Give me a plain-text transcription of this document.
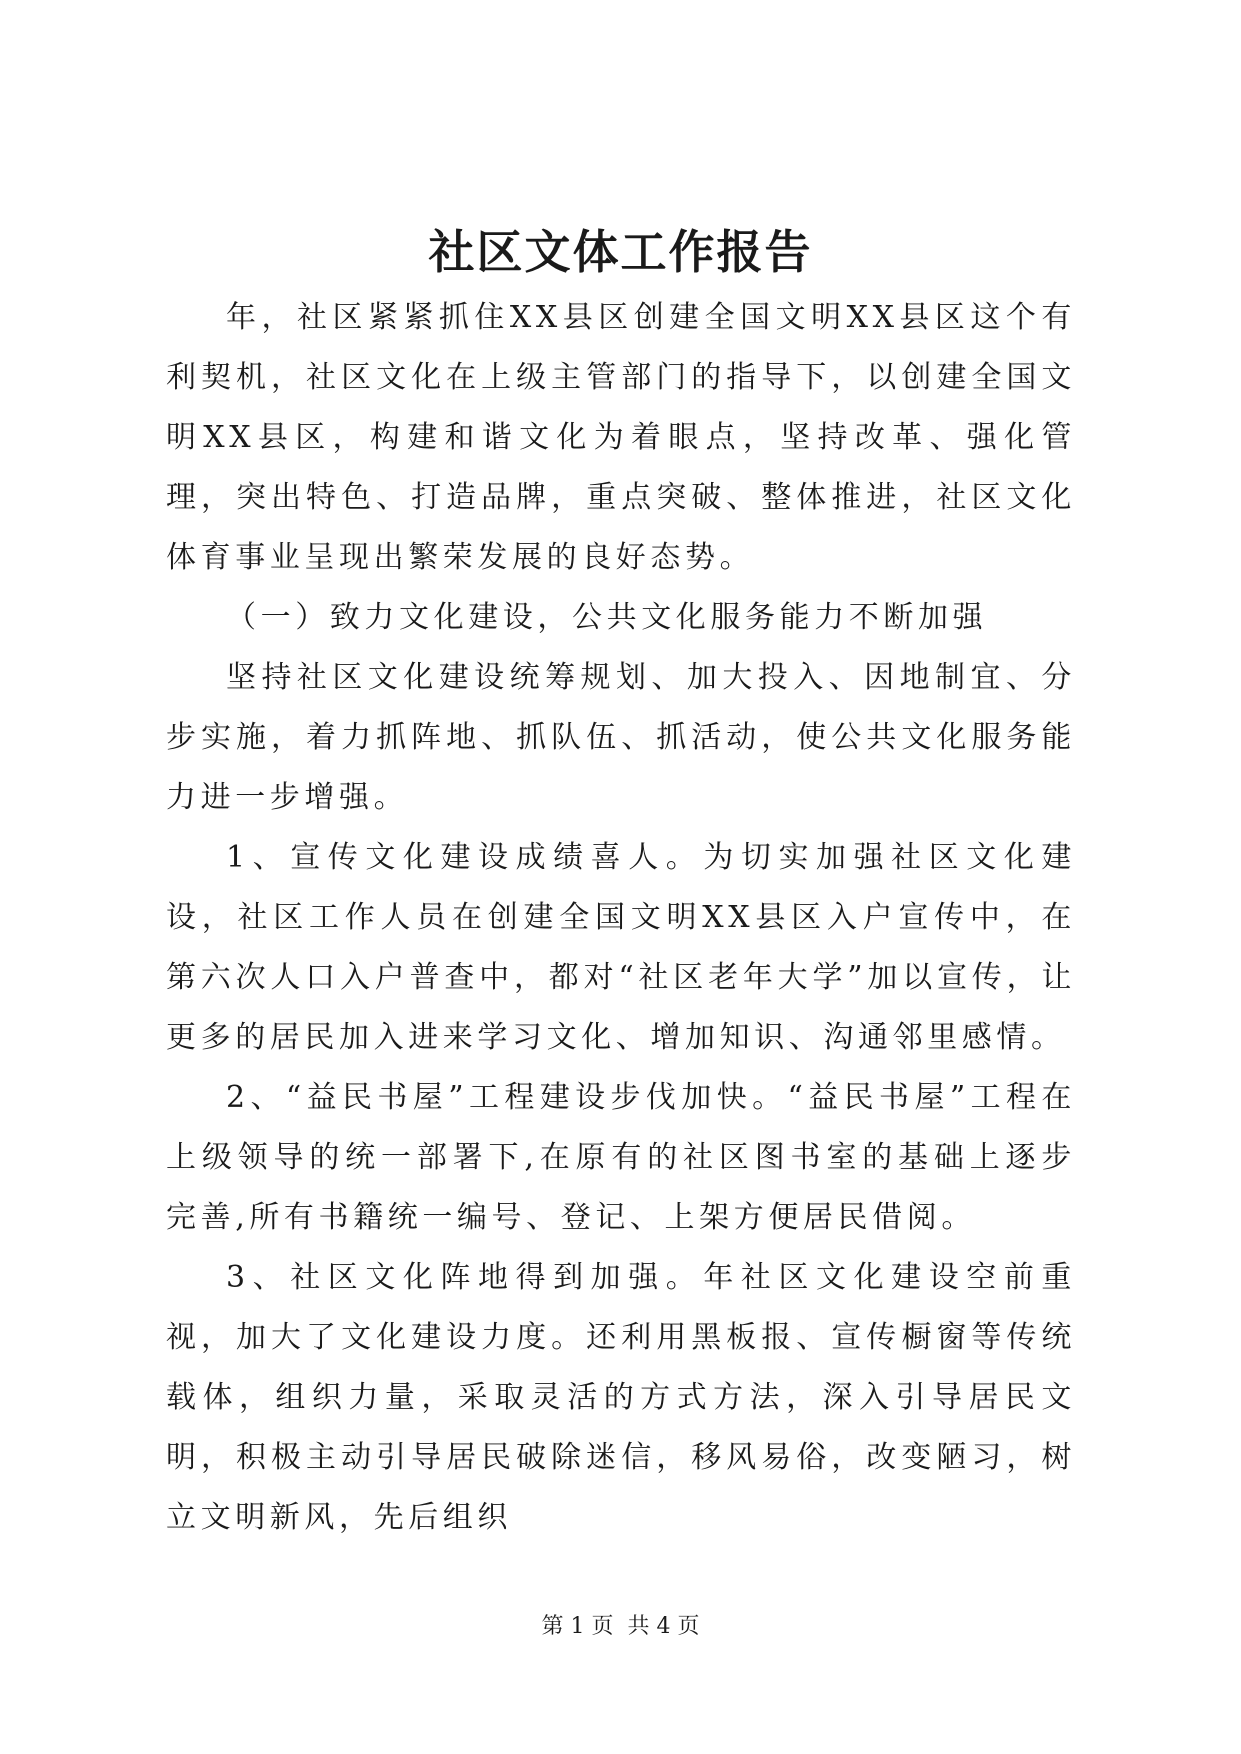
社区文体工作报告

年，社区紧紧抓住XX县区创建全国文明XX县区这个有利契机，社区文化在上级主管部门的指导下，以创建全国文明XX县区，构建和谐文化为着眼点，坚持改革、强化管理，突出特色、打造品牌，重点突破、整体推进，社区文化体育事业呈现出繁荣发展的良好态势。

（一）致力文化建设，公共文化服务能力不断加强

坚持社区文化建设统筹规划、加大投入、因地制宜、分步实施，着力抓阵地、抓队伍、抓活动，使公共文化服务能力进一步增强。

1、宣传文化建设成绩喜人。为切实加强社区文化建设，社区工作人员在创建全国文明XX县区入户宣传中，在第六次人口入户普查中，都对“社区老年大学”加以宣传，让更多的居民加入进来学习文化、增加知识、沟通邻里感情。

2、“益民书屋”工程建设步伐加快。“益民书屋”工程在上级领导的统一部署下,在原有的社区图书室的基础上逐步完善,所有书籍统一编号、登记、上架方便居民借阅。

3、社区文化阵地得到加强。年社区文化建设空前重视，加大了文化建设力度。还利用黑板报、宣传橱窗等传统载体，组织力量，采取灵活的方式方法，深入引导居民文明，积极主动引导居民破除迷信，移风易俗，改变陋习，树立文明新风，先后组织

第 1 页  共 4 页
